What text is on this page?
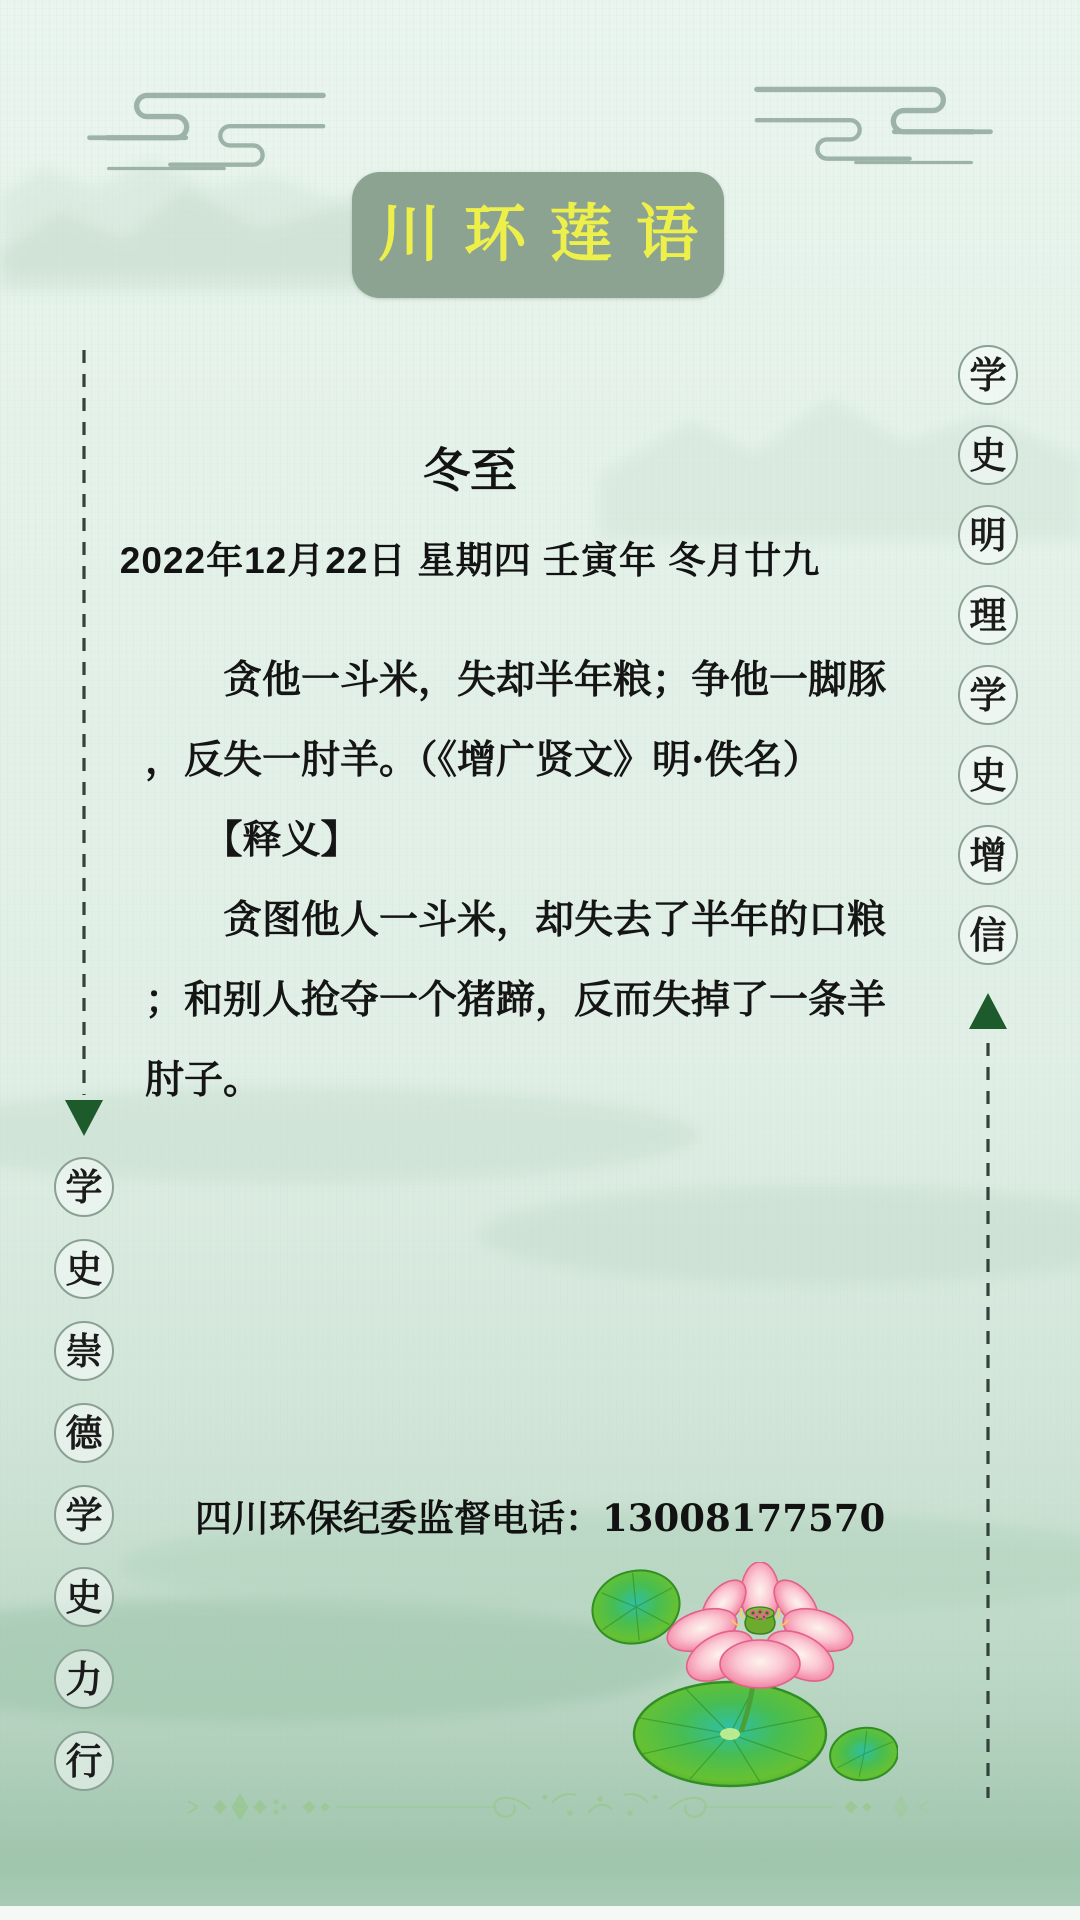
川环莲语
冬至
2022年12月22日 星期四 壬寅年 冬月廿九
　　贪他一斗米，失却半年粮；争他一脚豚
，反失一肘羊。（《增广贤文》明·佚名）
　　【释义】
　　贪图他人一斗米，却失去了半年的口粮
；和别人抢夺一个猪蹄，反而失掉了一条羊
肘子。
学
史
崇
德
学
史
力
行
学
史
明
理
学
史
增
信
四川环保纪委监督电话：13008177570
